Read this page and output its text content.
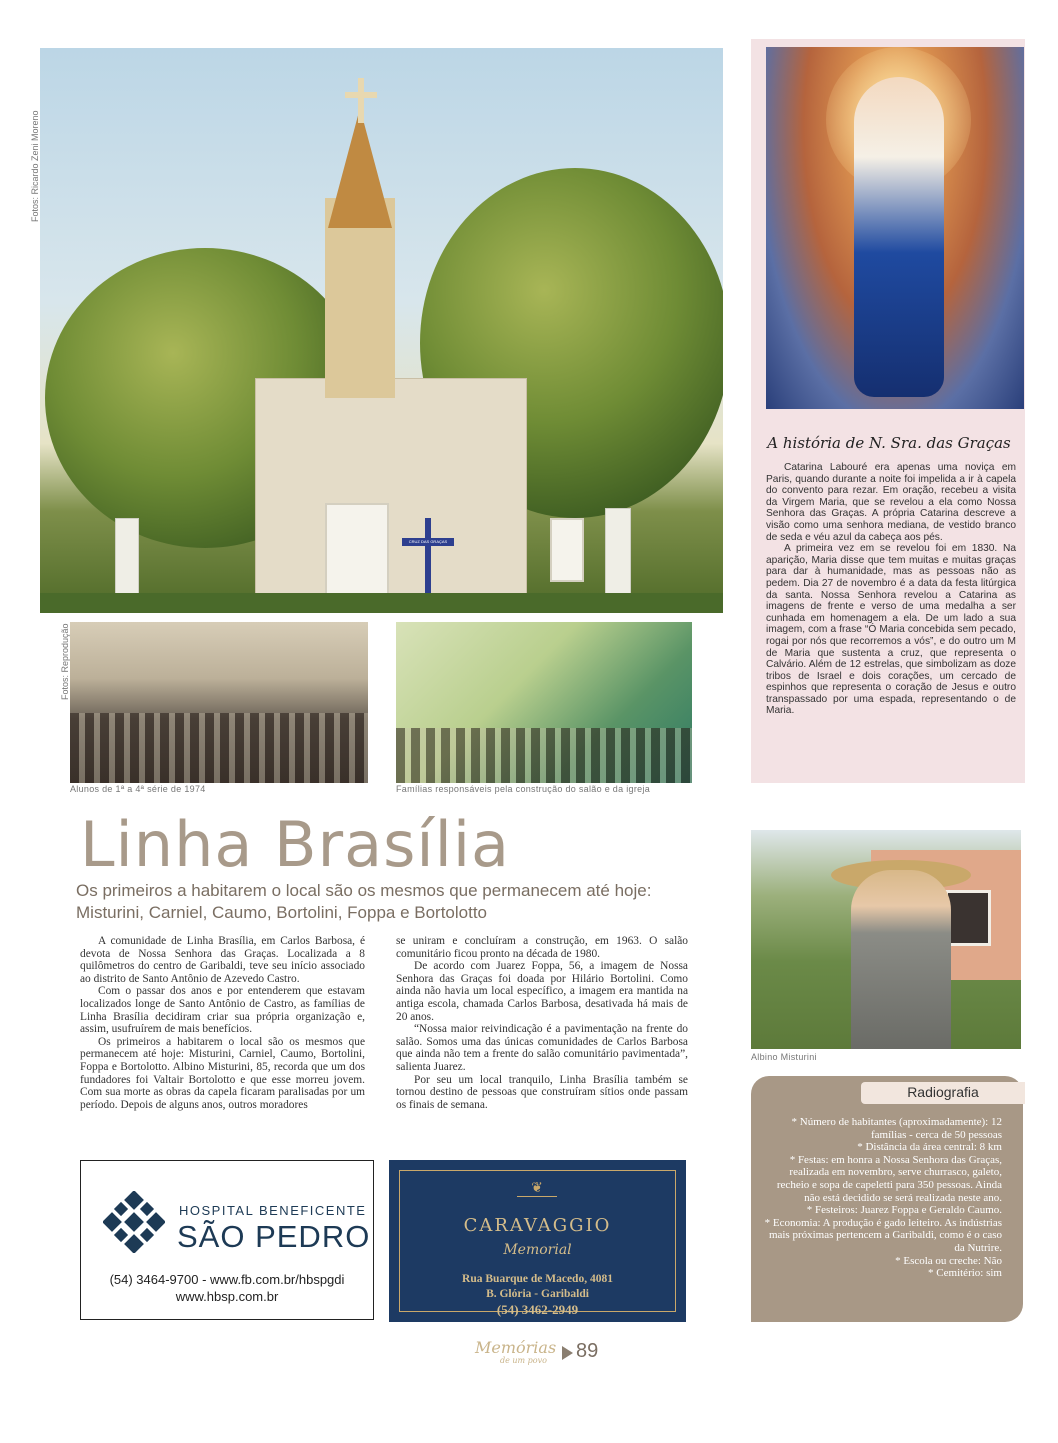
Fotos: Ricardo Zeni Moreno
Fotos: Reprodução
CRUZ DAS GRAÇAS
Alunos de 1ª a 4ª série de 1974	Famílias responsáveis pela construção do salão e da igreja
A história de N. Sra. das Graças

Catarina Labouré era apenas uma noviça em Paris, quando durante a noite foi impelida a ir à capela do convento para rezar. Em oração, recebeu a visita da Virgem Maria, que se revelou a ela como Nossa Senhora das Graças. A própria Catarina descreve a visão como uma senhora mediana, de vestido branco de seda e véu azul da cabeça aos pés.

A primeira vez em se revelou foi em 1830. Na aparição, Maria disse que tem muitas e muitas graças para dar à humanidade, mas as pessoas não as pedem. Dia 27 de novembro é a data da festa litúrgica da santa. Nossa Senhora revelou a Catarina as imagens de frente e verso de uma medalha a ser cunhada em homenagem a ela. De um lado a sua imagem, com a frase “Ó Maria concebida sem pecado, rogai por nós que recorremos a vós”, e do outro um M de Maria que sustenta a cruz, que representa o Calvário. Além de 12 estrelas, que simbolizam as doze tribos de Israel e dois corações, um cercado de espinhos que representa o coração de Jesus e outro transpassado por uma espada, representando o de Maria.

Linha Brasília
Os primeiros a habitarem o local são os mesmos que permanecem até hoje: Misturini, Carniel, Caumo, Bortolini, Foppa e Bortolotto

A comunidade de Linha Brasília, em Carlos Barbosa, é devota de Nossa Senhora das Graças. Localizada a 8 quilômetros do centro de Garibaldi, teve seu início associado ao distrito de Santo Antônio de Azevedo Castro.

Com o passar dos anos e por entenderem que estavam localizados longe de Santo Antônio de Castro, as famílias de Linha Brasília decidiram criar sua própria organização e, assim, usufruírem de mais benefícios.

Os primeiros a habitarem o local são os mesmos que permanecem até hoje: Misturini, Carniel, Caumo, Bortolini, Foppa e Bortolotto. Albino Misturini, 85, recorda que um dos fundadores foi Valtair Bortolotto e que esse morreu jovem. Com sua morte as obras da capela ficaram paralisadas por um período. Depois de alguns anos, outros moradores

se uniram e concluíram a construção, em 1963. O salão comunitário ficou pronto na década de 1980.

De acordo com Juarez Foppa, 56, a imagem de Nossa Senhora das Graças foi doada por Hilário Bortolini. Como ainda não havia um local específico, a imagem era mantida na antiga escola, chamada Carlos Barbosa, desativada há mais de 20 anos.

“Nossa maior reivindicação é a pavimentação na frente do salão. Somos uma das únicas comunidades de Carlos Barbosa que ainda não tem a frente do salão comunitário pavimentada”, salienta Juarez.

Por seu um local tranquilo, Linha Brasília também se tornou destino de pessoas que construíram sítios onde passam os finais de semana.

Albino Misturini
Radiografia

* Número de habitantes (aproximadamente): 12 famílias - cerca de 50 pessoas

* Distância da área central: 8 km

* Festas: em honra a Nossa Senhora das Graças, realizada em novembro, serve churrasco, galeto, recheio e sopa de capeletti para 350 pessoas. Ainda não está decidido se será realizada neste ano.

* Festeiros: Juarez Foppa e Geraldo Caumo.

* Economia: A produção é gado leiteiro. As indústrias mais próximas pertencem a Garibaldi, como é o caso da Nutrire.

* Escola ou creche: Não

* Cemitério: sim

HOSPITAL BENEFICENTE
SÃO PEDRO
(54) 3464-9700 - www.fb.com.br/hbspgdi
www.hbsp.com.br
❦
CARAVAGGIO
Memorial
Rua Buarque de Macedo, 4081
B. Glória - Garibaldi
(54) 3462-2949
Memórias
de um povo 89
